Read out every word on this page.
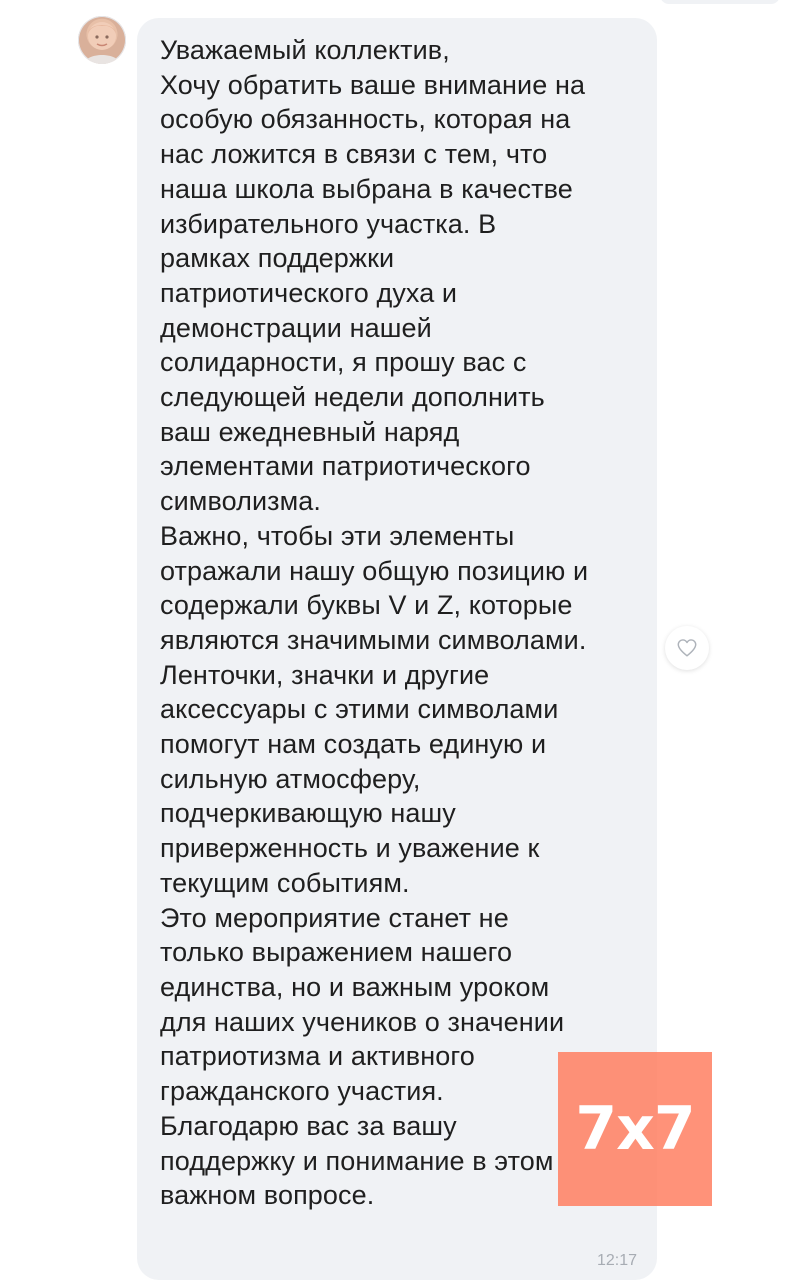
Уважаемый коллектив,
Хочу обратить ваше внимание на
особую обязанность, которая на
нас ложится в связи с тем, что
наша школа выбрана в качестве
избирательного участка. В
рамках поддержки
патриотического духа и
демонстрации нашей
солидарности, я прошу вас с
следующей недели дополнить
ваш ежедневный наряд
элементами патриотического
символизма.
Важно, чтобы эти элементы
отражали нашу общую позицию и
содержали буквы V и Z, которые
являются значимыми символами.
Ленточки, значки и другие
аксессуары с этими символами
помогут нам создать единую и
сильную атмосферу,
подчеркивающую нашу
приверженность и уважение к
текущим событиям.
Это мероприятие станет не
только выражением нашего
единства, но и важным уроком
для наших учеников о значении
патриотизма и активного
гражданского участия.
Благодарю вас за вашу
поддержку и понимание в этом
важном вопросе.
12:17
7x7
